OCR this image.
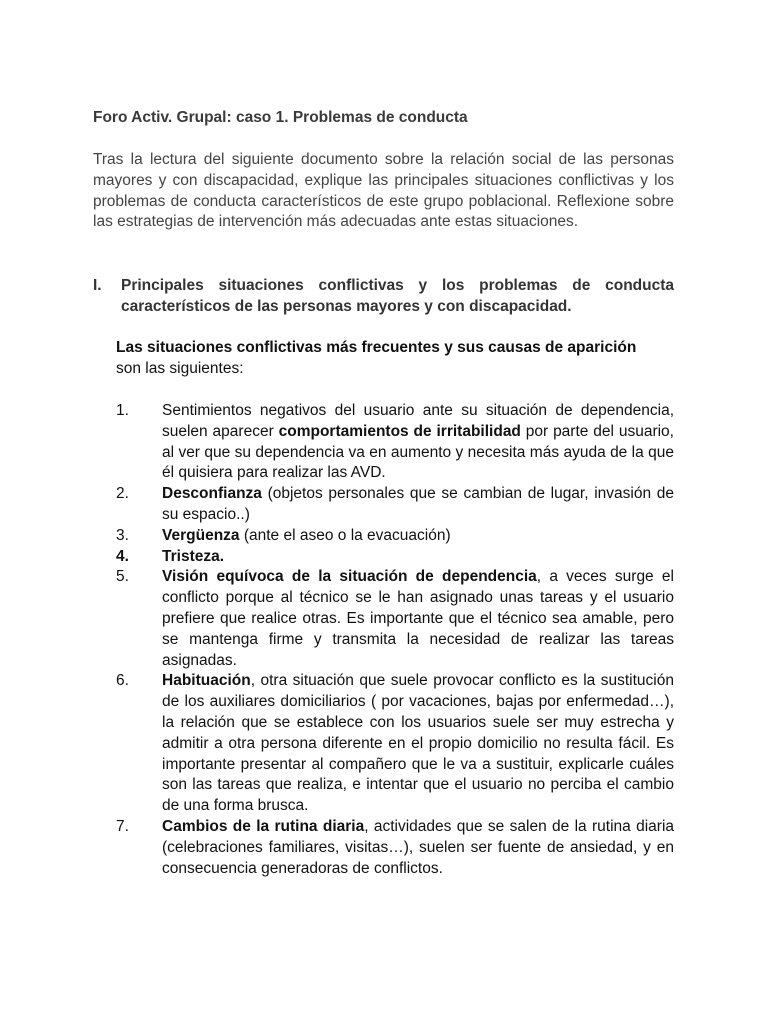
Foro Activ. Grupal: caso 1. Problemas de conducta

Tras la lectura del siguiente documento sobre la relación social de las personas mayores y con discapacidad, explique las principales situaciones conflictivas y los problemas de conducta característicos de este grupo poblacional. Reflexione sobre las estrategias de intervención más adecuadas ante estas situaciones.

I.	Principales situaciones conflictivas y los problemas de conducta característicos de las personas mayores y con discapacidad.

Las situaciones conflictivas más frecuentes y sus causas de aparición son las siguientes:

1.	Sentimientos negativos del usuario ante su situación de dependencia, suelen aparecer comportamientos de irritabilidad por parte del usuario, al ver que su dependencia va en aumento y necesita más ayuda de la que él quisiera para realizar las AVD.
2.	Desconfianza (objetos personales que se cambian de lugar, invasión de su espacio..)
3.	Vergüenza (ante el aseo o la evacuación)
4.	Tristeza.
5.	Visión equívoca de la situación de dependencia, a veces surge el conflicto porque al técnico se le han asignado unas tareas y el usuario prefiere que realice otras. Es importante que el técnico sea amable, pero se mantenga firme y transmita la necesidad de realizar las tareas asignadas.
6.	Habituación, otra situación que suele provocar conflicto es la sustitución de los auxiliares domiciliarios ( por vacaciones, bajas por enfermedad…), la relación que se establece con los usuarios suele ser muy estrecha y admitir a otra persona diferente en el propio domicilio no resulta fácil. Es importante presentar al compañero que le va a sustituir, explicarle cuáles son las tareas que realiza, e intentar que el usuario no perciba el cambio de una forma brusca.
7.	Cambios de la rutina diaria, actividades que se salen de la rutina diaria (celebraciones familiares, visitas…), suelen ser fuente de ansiedad, y en consecuencia generadoras de conflictos.
